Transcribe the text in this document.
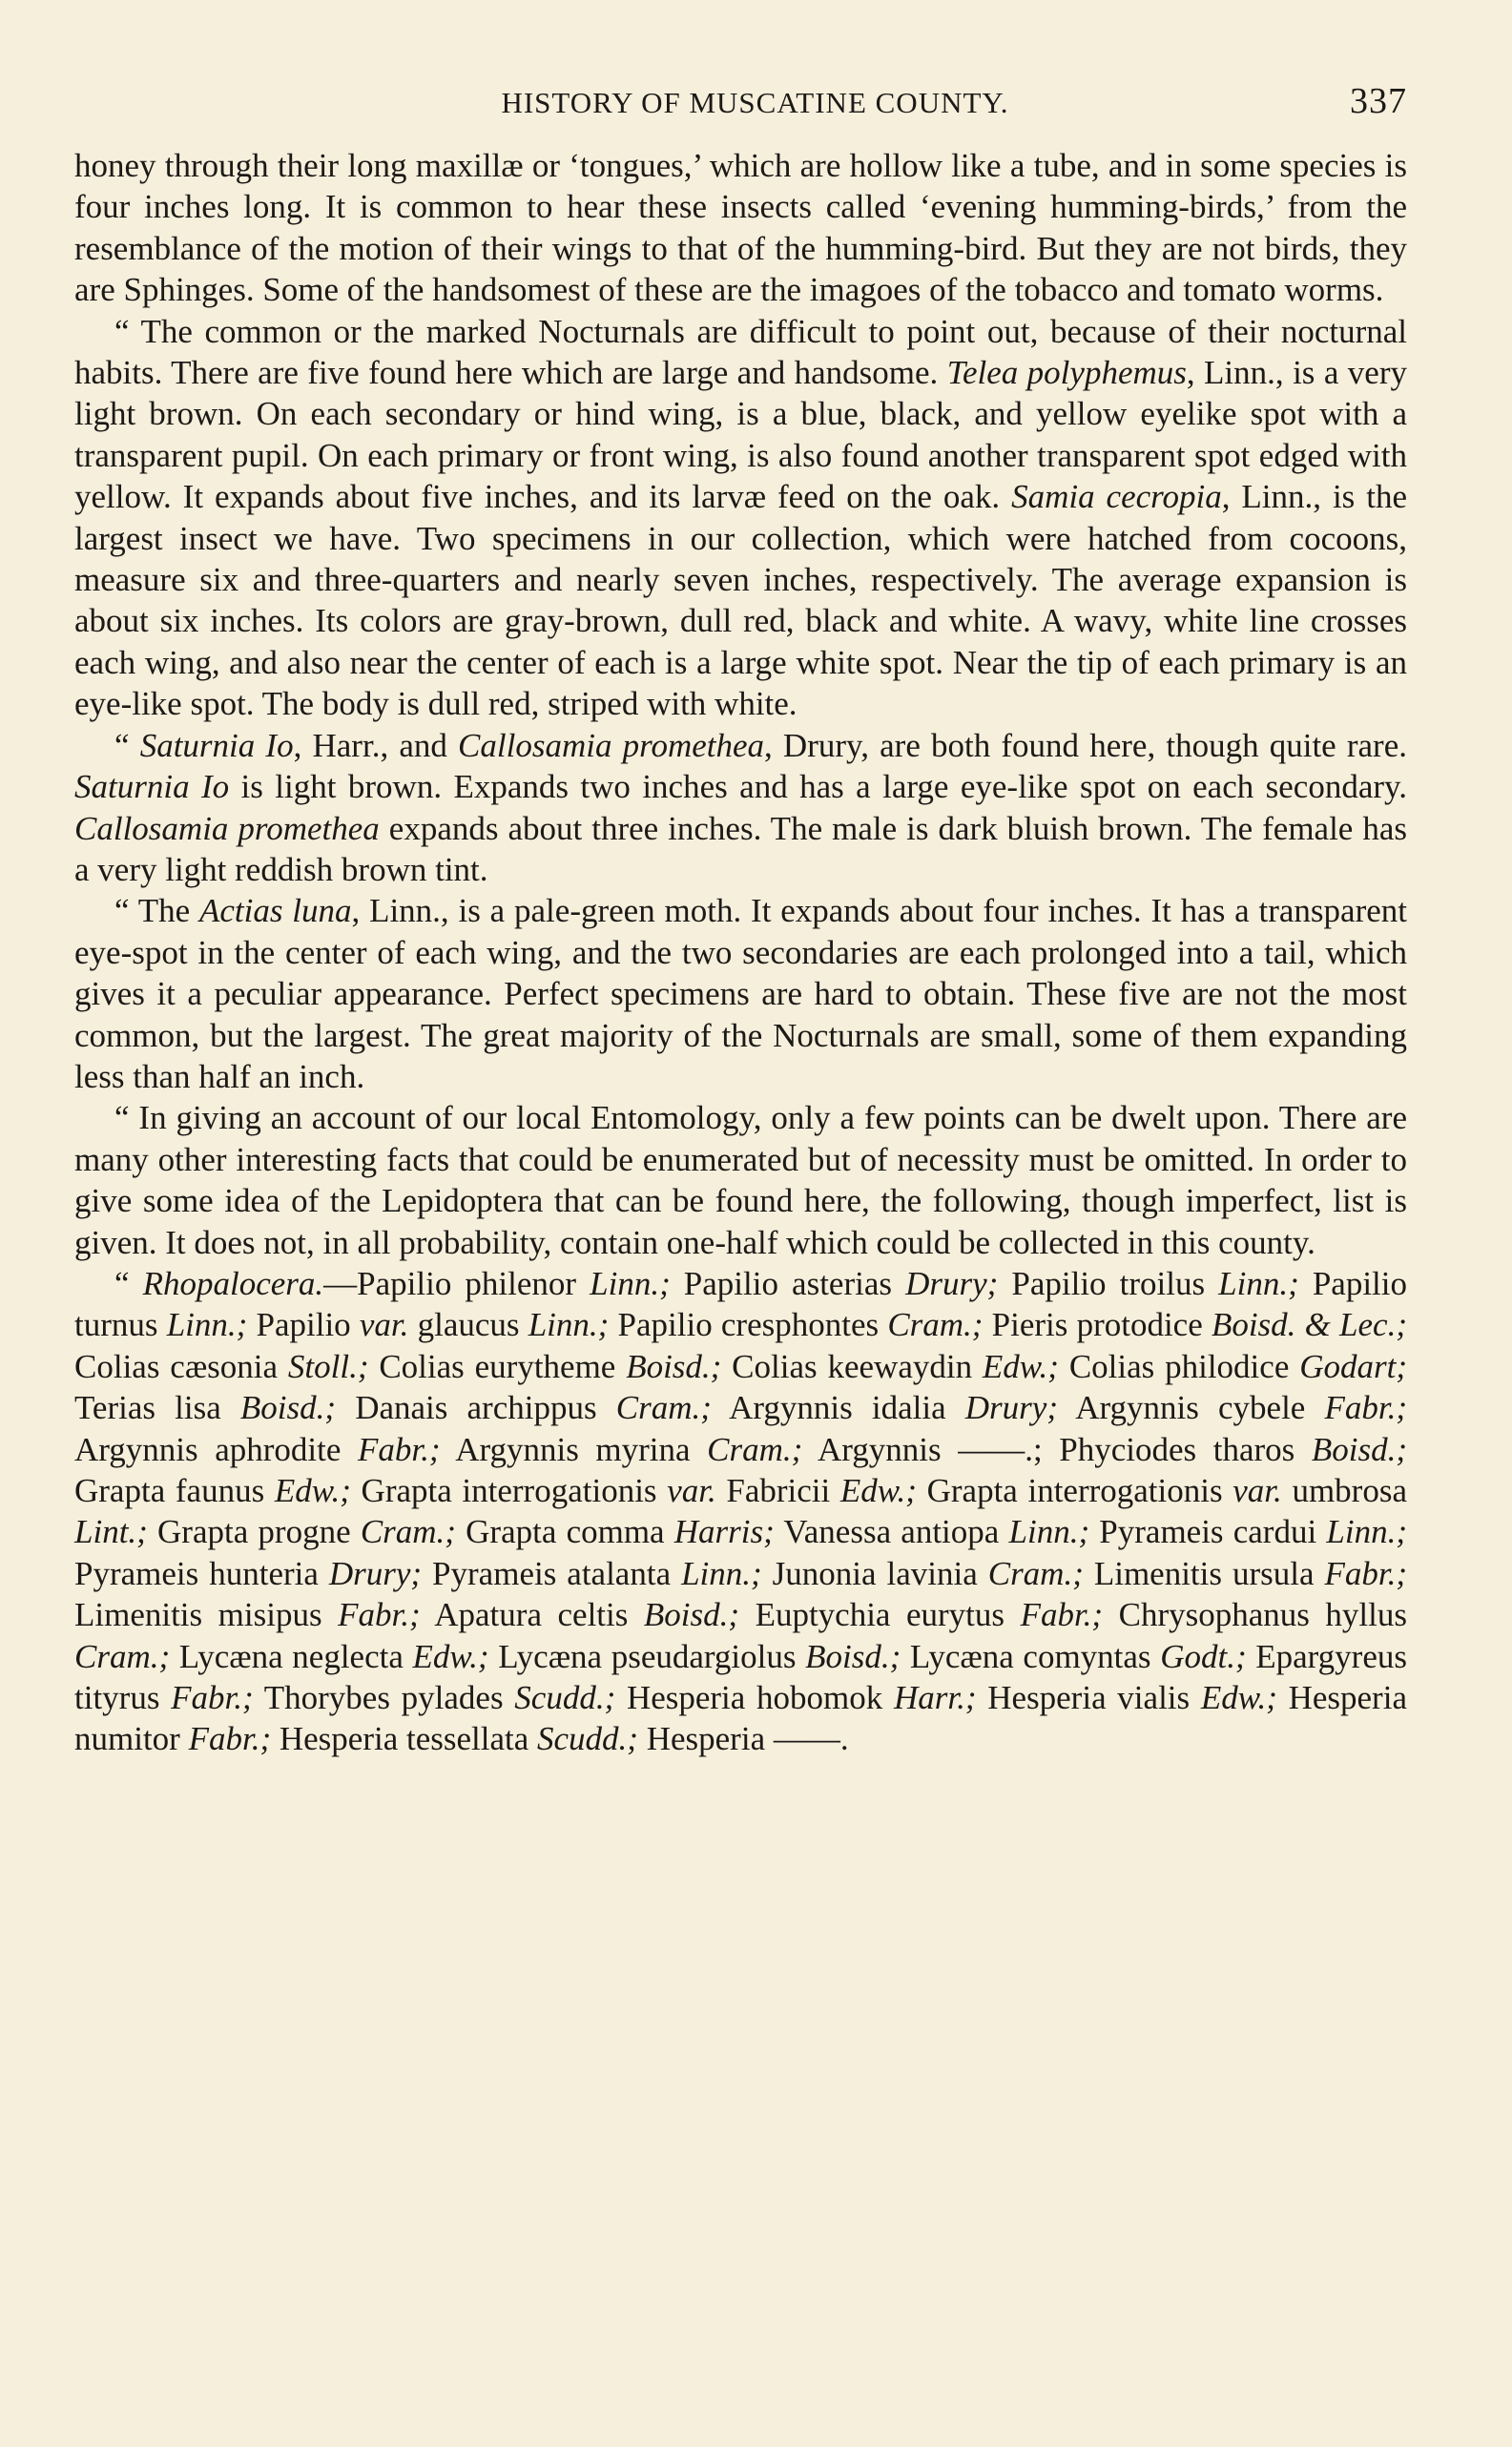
HISTORY OF MUSCATINE COUNTY.	337

honey through their long maxillæ or ‘tongues,’ which are hollow like a tube, and in some species is four inches long. It is common to hear these insects called ‘evening humming-birds,’ from the resemblance of the motion of their wings to that of the humming-bird. But they are not birds, they are Sphinges. Some of the handsomest of these are the imagoes of the tobacco and tomato worms.

“ The common or the marked Nocturnals are difficult to point out, because of their nocturnal habits. There are five found here which are large and handsome. Telea polyphemus, Linn., is a very light brown. On each secondary or hind wing, is a blue, black, and yellow eyelike spot with a transparent pupil. On each primary or front wing, is also found another transparent spot edged with yellow. It expands about five inches, and its larvæ feed on the oak. Samia cecropia, Linn., is the largest insect we have. Two specimens in our collection, which were hatched from cocoons, measure six and three-quarters and nearly seven inches, respectively. The average expansion is about six inches. Its colors are gray-brown, dull red, black and white. A wavy, white line crosses each wing, and also near the center of each is a large white spot. Near the tip of each primary is an eye-like spot. The body is dull red, striped with white.

“ Saturnia Io, Harr., and Callosamia promethea, Drury, are both found here, though quite rare. Saturnia Io is light brown. Expands two inches and has a large eye-like spot on each secondary. Callosamia promethea expands about three inches. The male is dark bluish brown. The female has a very light reddish brown tint.

“ The Actias luna, Linn., is a pale-green moth. It expands about four inches. It has a transparent eye-spot in the center of each wing, and the two secondaries are each prolonged into a tail, which gives it a peculiar appearance. Perfect specimens are hard to obtain. These five are not the most common, but the largest. The great majority of the Nocturnals are small, some of them expanding less than half an inch.

“ In giving an account of our local Entomology, only a few points can be dwelt upon. There are many other interesting facts that could be enumerated but of necessity must be omitted. In order to give some idea of the Lepidoptera that can be found here, the following, though imperfect, list is given. It does not, in all probability, contain one-half which could be collected in this county.

“ Rhopalocera.—Papilio philenor Linn.; Papilio asterias Drury; Papilio troilus Linn.; Papilio turnus Linn.; Papilio var. glaucus Linn.; Papilio cresphontes Cram.; Pieris protodice Boisd. & Lec.; Colias cæsonia Stoll.; Colias eurytheme Boisd.; Colias keewaydin Edw.; Colias philodice Godart; Terias lisa Boisd.; Danais archippus Cram.; Argynnis idalia Drury; Argynnis cybele Fabr.; Argynnis aphrodite Fabr.; Argynnis myrina Cram.; Argynnis ——.; Phyciodes tharos Boisd.; Grapta faunus Edw.; Grapta interrogationis var. Fabricii Edw.; Grapta interrogationis var. umbrosa Lint.; Grapta progne Cram.; Grapta comma Harris; Vanessa antiopa Linn.; Pyrameis cardui Linn.; Pyrameis hunteria Drury; Pyrameis atalanta Linn.; Junonia lavinia Cram.; Limenitis ursula Fabr.; Limenitis misipus Fabr.; Apatura celtis Boisd.; Euptychia eurytus Fabr.; Chrysophanus hyllus Cram.; Lycæna neglecta Edw.; Lycæna pseudargiolus Boisd.; Lycæna comyntas Godt.; Epargyreus tityrus Fabr.; Thorybes pylades Scudd.; Hesperia hobomok Harr.; Hesperia vialis Edw.; Hesperia numitor Fabr.; Hesperia tessellata Scudd.; Hesperia ——.
